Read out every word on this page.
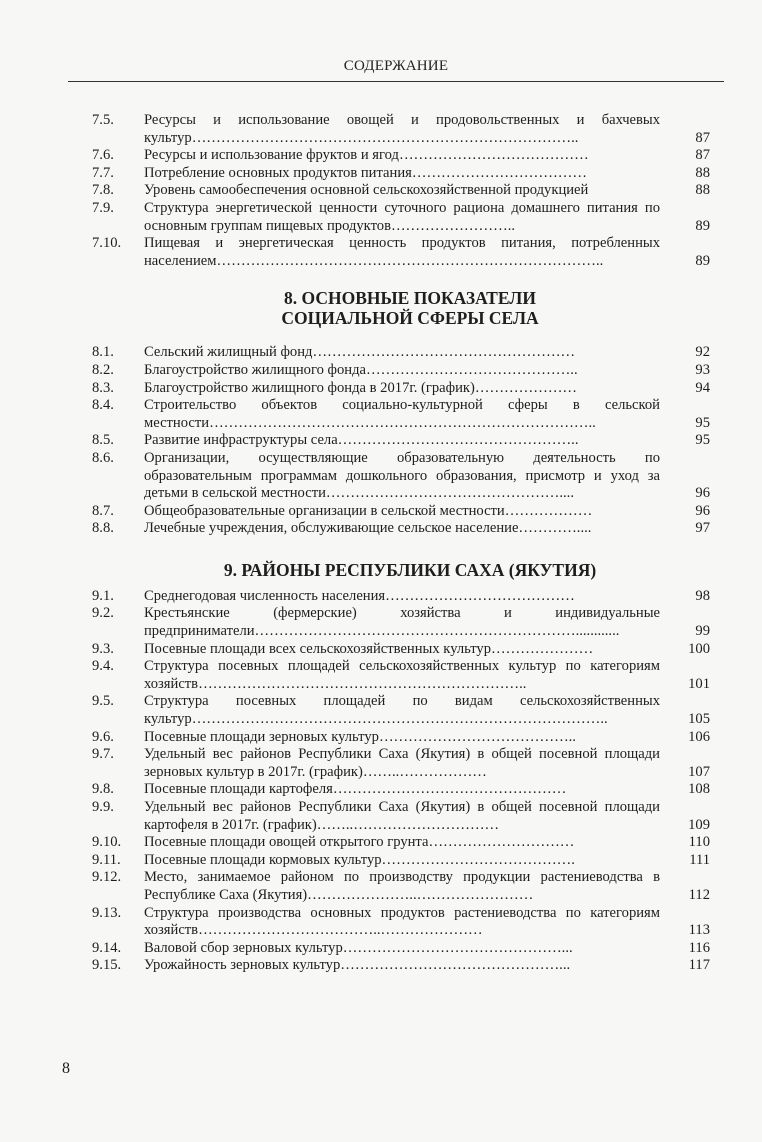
СОДЕРЖАНИЕ
7.5.	Ресурсы и использование овощей и продовольственных и бахчевых культур……………………………………………………………………..	87
7.6.	Ресурсы и использование фруктов и ягод…………………………………	87
7.7.	Потребление основных продуктов питания………………………………	88
7.8.	Уровень самообеспечения основной сельскохозяйственной продукцией	88
7.9.	Структура энергетической ценности суточного рациона домашнего питания по основным группам пищевых продуктов……………………..	89
7.10.	Пищевая и энергетическая ценность продуктов питания, потребленных населением……………………………………………………………………..	89
8. ОСНОВНЫЕ ПОКАЗАТЕЛИ
СОЦИАЛЬНОЙ СФЕРЫ СЕЛА
8.1.	Сельский жилищный фонд………………………………………………	92
8.2.	Благоустройство жилищного фонда……………………………………..	93
8.3.	Благоустройство жилищного фонда в 2017г. (график)…………………	94
8.4.	Строительство объектов социально-культурной сферы в сельской местности……………………………………………………………………..	95
8.5.	Развитие инфраструктуры села…………………………………………..	95
8.6.	Организации, осуществляющие образовательную деятельность по образовательным программам дошкольного образования, присмотр и уход за детьми в сельской местности…………………………………………....	96
8.7.	Общеобразовательные организации в сельской местности………………	96
8.8.	Лечебные учреждения, обслуживающие сельское население…………....	97
9. РАЙОНЫ РЕСПУБЛИКИ САХА (ЯКУТИЯ)
9.1.	Среднегодовая численность населения…………………………………	98
9.2.	Крестьянские (фермерские) хозяйства и индивидуальные предприниматели…………………………………………………………............	99
9.3.	Посевные площади всех сельскохозяйственных культур…………………	100
9.4.	Структура посевных площадей сельскохозяйственных культур по категориям хозяйств…………………………………………………………..	101
9.5.	Структура посевных площадей по видам сельскохозяйственных культур…………………………………………………………………………..	105
9.6.	Посевные площади зерновых культур…………………………………..	106
9.7.	Удельный вес районов Республики Саха (Якутия) в общей посевной площади зерновых культур в 2017г. (график)……..………………	107
9.8.	Посевные площади картофеля…………………………………………	108
9.9.	Удельный вес районов Республики Саха (Якутия) в общей посевной площади картофеля в 2017г. (график)……..…………………………	109
9.10.	Посевные площади овощей открытого грунта…………………………	110
9.11.	Посевные площади кормовых культур………………………………….	111
9.12.	Место, занимаемое районом по производству продукции растениеводства в Республике Саха (Якутия)…………………..……………………	112
9.13.	Структура производства основных продуктов растениеводства по категориям хозяйств………………………………..…………………	113
9.14.	Валовой сбор зерновых культур………………………………………...	116
9.15.	Урожайность зерновых культур………………………………………...	117
8
